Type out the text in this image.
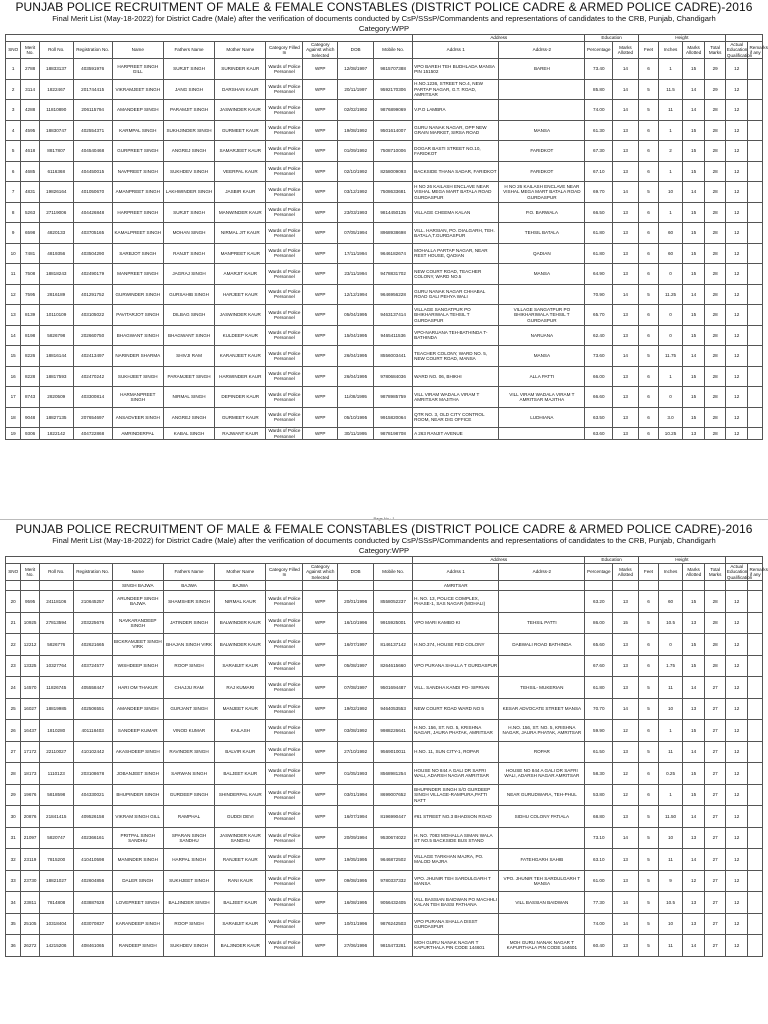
PUNJAB POLICE RECRUITMENT OF MALE & FEMALE CONSTABLES (DISTRICT POLICE CADRE & ARMED POLICE CADRE)-2016
Final Merit List (May-18-2022) for District Cadre (Male) after the verification of documents conducted by CsP/SSsP/Commandents and representations of candidates to the CRB, Punjab, Chandigarh
Category:WPP
											Address		Education		Height					
SNO	Merit No.	Roll No.	Registration No.	Name	Fathers Name	Mother Name	Category Filled In	Category Against which Selected	DOB	Mobile No.	Addrss 1	Addrss-2	Percentage	Marks Allotted	Feet	Inches	Marks Allotted	Total Marks	Actual Education Qualification	Remarks if any
1	2788	18833137	403591976	HARPREET SINGH GILL	SURJIT SINGH	SURINDER KAUR	Wards of Police Personnel	WPP	12/08/1997	9815707388	VPO BAREH TEH BUDHLADA MANSA PIN 151502	BAREH	73.40	14	6	1	15	29	12	
2	3114	1822467	201744415	VIKRAMJEET SINGH	JANG SINGH	DARSHAN KAUR	Wards of Police Personnel	WPP	20/11/1997	9592170306	H.NO.1236, STREET NO.4, NEW PARTAP NAGAR, G.T. ROAD, AMRITSAR		85.80	14	5	11.5	14	29	12	
3	4288	11810890	206115794	AMANDEEP SINGH	PARAMJIT SINGH	JASWINDER KAUR	Wards of Police Personnel	WPP	02/02/1992	9876899069	V.P.O LAMBRA		74.00	14	5	11	14	28	12	
4	4595	18830747	402554371	KARMPAL SINGH	SUKHJINDER SINGH	GURMEET KAUR	Wards of Police Personnel	WPP	19/08/1992	9501614007	GURU NANAK NAGAR, OPP NEW GRAIN MARKET, SIRSA ROAD	MANSA	61.30	13	6	1	15	28	12	
5	4618	8817807	404540468	GURPREET SINGH	ANGREJ SINGH	SAMARJEET KAUR	Wards of Police Personnel	WPP	01/09/1992	7508710006	DOGAR BASTI STREET NO.10, FARIDKOT	FARIDKOT	67.30	13	6	2	15	28	12	
6	4685	6116368	404450015	NAVPREET SINGH	SUKHDEV SINGH	VEERPAL KAUR	Wards of Police Personnel	WPP	02/10/1992	8258009093	BACKSIDE THANA SADAR, FARIDKOT	FARIDKOT	67.10	13	6	1	15	28	12	
7	4831	19826164	401050670	AMANPREET SINGH	LAKHWINDER SINGH	JASBIR KAUR	Wards of Police Personnel	WPP	03/12/1992	7508633681	H NO 26 KAILASH ENCLAVE NEAR VISHAL MEGA MART BATALA ROAD GURDASPUR	H NO 26 KAILASH ENCLAVE NEAR VISHAL MEGA MART BATALA ROAD GURDASPUR	69.70	14	5	10	14	28	12	
8	5263	27119006	404426848	HARPREET SINGH	SURJIT SINGH	MANWINDER KAUR	Wards of Police Personnel	WPP	23/03/1993	9814450135	VILLAGE CHEEMA KALAN	P.O. BARWALA	66.50	13	6	1	15	28	12	
9	6598	4820133	403705165	KAMALPREET SINGH	MOHAN SINGH	NIRMAL JIT KAUR	Wards of Police Personnel	WPP	07/05/1994	8968938698	VILL. HARSIAN, PO. DIALGARH, TEH. BATALA,T.GURDASPUR	TEHSIL BATALA	61.80	13	6	60	15	28	12	
10	7481	4819356	403504290	SARBJOT SINGH	RANJIT SINGH	MANPREET KAUR	Wards of Police Personnel	WPP	17/11/1994	9646182674	MOHALLA PARTAP NAGAR, NEAR REST HOUSE, QADIAN	QADIAN	61.80	13	6	60	15	28	12	
11	7508	18818243	402490179	MANPREET SINGH	JAGRAJ SINGH	AMARJIT KAUR	Wards of Police Personnel	WPP	23/11/1994	9478831702	NEW COURT ROAD, TEACHER COLONY, WARD NO.5	MANSA	64.90	13	6	0	15	28	12	
12	7595	2816189	401291752	GURWINDER SINGH	GURSAHIB SINGH	HARJEET KAUR	Wards of Police Personnel	WPP	12/12/1994	9646956228	GURU NANAK NAGAR CHHABAL ROAD GALI PEHYA WALI		70.90	14	5	11.25	14	28	12	
13	8139	10110109	403105022	PAVITARJOT SINGH	DILBAG SINGH	JASWINDER KAUR	Wards of Police Personnel	WPP	05/04/1995	9463137414	VILLAGE SANGATPUR PO BHIKHARIWALA TEHSIL T GURDASPUR	VILLAGE SANGATPUR PO BHIKHARIWALA TEHSIL T GURDASPUR	65.70	13	6	0	15	28	12	
14	8198	5826798	202660750	BHAGWANT SINGH	BHAGWANT SINGH	KULDEEP KAUR	Wards of Police Personnel	WPP	15/04/1995	9465411536	VPO-NARUANA TEH-BATHINDA T-BATHINDA	NARUANA	62.40	13	6	0	15	28	12	
15	8226	18816144	402413497	NARINDER SHARMA	SHIVJI RAM	KARANJEET KAUR	Wards of Police Personnel	WPP	26/04/1995	8556003441	TEACHER COLONY, WARD NO. 5, NEW COURT ROAD, MANSA	MANSA	73.60	14	5	11.75	14	28	12	
16	8228	18817593	402470242	SUKHJEET SINGH	PARAMJEET SINGH	HARWINDER KAUR	Wards of Police Personnel	WPP	26/04/1995	9780684036	WARD NO. 06, BHIKHI	ALLA PATTI	66.00	13	6	1	15	28	12	
17	8743	2820509	403300814	HARMANPREET SINGH	NIRMAL SINGH	DEPINDER KAUR	Wards of Police Personnel	WPP	11/08/1995	9878985759	VILL VIRAM WADALA VIRAM T AMRITSAR MAJITHA	VILL VIRAM WADALA VIRAM T AMRITSAR MAJITHA	66.60	13	6	0	15	28	12	
18	9048	18827135	207654697	ANSADVEER SINGH	ANGREJ SINGH	GURMEET KAUR	Wards of Police Personnel	WPP	05/10/1995	9915820064	QTR NO. 3, OLD CITY CONTROL ROOM, NEAR DIG OFFICE	LUDHIANA	63.50	13	6	3.0	15	28	12	
19	9306	1822142	404722868	AMRINDERPAL	KABAL SINGH	RAJWANT KAUR	Wards of Police Personnel	WPP	30/11/1995	9878198708	A 263 RANJIT AVENUE		63.60	13	6	10.25	13	28	12	
Page No : 1
PUNJAB POLICE RECRUITMENT OF MALE & FEMALE CONSTABLES (DISTRICT POLICE CADRE & ARMED POLICE CADRE)-2016
Final Merit List (May-18-2022) for District Cadre (Male) after the verification of documents conducted by CsP/SSsP/Commandents and representations of candidates to the CRB, Punjab, Chandigarh
Category:WPP
											Address		Education		Height					
SNO	Merit No.	Roll No.	Registration No.	Name	Fathers Name	Mother Name	Category Filled In	Category Against which Selected	DOB	Mobile No.	Addrss 1	Addrss-2	Percentage	Marks Allotted	Feet	Inches	Marks Allotted	Total Marks	Actual Education Qualification	Remarks if any
				SINGH BAJWA	BAJWA	BAJWA					AMRITSAR									
20	9595	24118106	210645257	ARUNDEEP SINGH BAJWA	SHAMSHER SINGH	NIRMAL KAUR	Wards of Police Personnel	WPP	20/01/1996	8558052237	H. NO. 13, POLICE COMPLEX, PHASE-1, SAS NAGAR (MOHALI)		63.20	13	6	60	15	28	12	
21	10925	27813594	203225676	NAVKARANDEEP SINGH	JATINDER SINGH	BALWINDER KAUR	Wards of Police Personnel	WPP	16/10/1996	9915925001	VPO MARI KAMBO KI	TEHSIL PATTI	86.00	15	5	10.5	13	28	12	
22	12212	5826776	402621665	BICKRAMJEET SINGH VIRK	BHAJAN SINGH VIRK	BALWINDER KAUR	Wards of Police Personnel	WPP	16/07/1997	8146137142	H.NO.374, HOUSE FED COLONY	DABWALI ROAD BATHINDA	65.60	13	6	0	15	28	12	
23	13325	10327764	403724577	WISHDEEP SINGH	ROOP SINGH	SARABJIT KAUR	Wards of Police Personnel	WPP	05/08/1997	8264615660	VPO PURANA SHALLA T GURDASPUR		67.60	13	6	1.75	15	28	12	
24	14570	11826745	405558447	HARI OM THAKUR	CHAJJU RAM	RAJ KUMARI	Wards of Police Personnel	WPP	07/08/1997	9501694487	VILL. SANDHA KANDI PO- SIPRIAN	TEHSIL- MUKERIAN	61.80	13	5	11	14	27	12	
25	16027	18819985	402506551	AMANDEEP SINGH	GURJANT SINGH	MANJEET KAUR	Wards of Police Personnel	WPP	19/02/1992	9464053553	NEW COURT ROAD WARD NO 5	KESAR ADVOCATE STREET MANSA	70.70	14	5	10	13	27	12	
26	16437	1810280	401118403	SANDEEP KUMAR	VINOD KUMAR	KAILASH	Wards of Police Personnel	WPP	03/08/1992	9988226641	H.NO. 156, ST. NO. 5, KRISHNA NAGAR, JAURA PHATAK, AMRITSAR	H.NO. 156, ST. NO. 5, KRISHNA NAGAR, JAURA PHATAK, AMRITSAR	59.90	12	6	1	15	27	12	
27	17172	22110027	410102442	AKASHDEEP SINGH	RAVINDER SINGH	BALVIR KAUR	Wards of Police Personnel	WPP	27/10/1992	9569010011	H.NO. 11, SUN CITY-1, ROPAR	ROPAR	61.50	13	5	11	14	27	12	
28	18173	1110123	203108678	JOBANJEET SINGH	SARWAN SINGH	BALJEET KAUR	Wards of Police Personnel	WPP	01/05/1993	8568981254	HOUSE NO 844 A GALI DR SAFRI WALI, ADARSH NAGAR AMRITSAR	HOUSE NO 844 A GALI DR SAFRI WALI, ADARSH NAGAR AMRITSAR	58.30	12	6	0.25	15	27	12	
29	19676	5818598	404330021	BHUPINDER SINGH	GURDEEP SINGH	SHINDERPAL KAUR	Wards of Police Personnel	WPP	03/01/1994	8699007652	BHUPINDER SINGH S/O GURDEEP SINGH VILLAGE-RAMPURA,PATTI NATT	NEAR GURUDWARA, TEH-PHUL	53.80	12	6	1	15	27	12	
30	20876	21841415	409526158	VIKRAM SINGH GILL	RAMPHAL	GUDDI DEVI	Wards of Police Personnel	WPP	16/07/1994	8196990447	#61 STREET NO.3 BHADSON ROAD	SIDHU COLONY PATIALA	68.80	13	5	11.50	14	27	12	
31	21097	5820747	402366161	PRITPAL SINGH SANDHU	SPARAN SINGH SANDHU	JASWINDER KAUR SANDHU	Wards of Police Personnel	WPP	20/09/1994	9530674022	H. NO. 7083 MOHALLA SIMAN WALA ST NO.5 BACKSIDE BUS STAND		73.10	14	5	10	13	27	12	
32	23119	7815200	410410598	MANINDER SINGH	HARPAL SINGH	RANJEET KAUR	Wards of Police Personnel	WPP	19/05/1995	9646872502	VILLAGE TARKHAN MAJRA, PO. MALOD MAJRA	FATEHGARH SAHIB	63.10	13	5	11	14	27	12	
33	23730	18821027	402604856	DALER SINGH	SUKHJEET SINGH	RANI KAUR	Wards of Police Personnel	WPP	09/08/1995	9780337332	VPO. JHUNIR TEH SARDULGARH T MANSA	VPO. JHUNIR TEH SARDULGARH T MANSA	61.00	13	5	9	12	27	12	
34	23811	7814808	403887628	LOVEPREET SINGH	BALJINDER SINGH	BALJEET KAUR	Wards of Police Personnel	WPP	16/08/1995	9056432405	VILL BASSIAN BAIDWAN PO MACHHLI KALAN TEH BASSI PATHANA	VILL BASSIAN BAIDWAN	77.30	14	5	10.5	13	27	12	
35	25105	10318404	403070837	KARANDEEP SINGH	ROOP SINGH	SARABJIT KAUR	Wards of Police Personnel	WPP	10/01/1996	9876242503	VPO PURANA SHALLA DISST GURDASPUR		74.00	14	5	10	13	27	12	
36	26272	14215206	408461065	RANDEEP SINGH	SUKHDEV SINGH	BALJINDER KAUR	Wards of Police Personnel	WPP	27/06/1996	9815473281	MOH GURU NANAK NAGAR T KAPURTHALA PIN CODE 144601	MOH GURU NANAK NAGAR T KAPURTHALA PIN CODE 144601	60.40	13	5	11	14	27	12	
